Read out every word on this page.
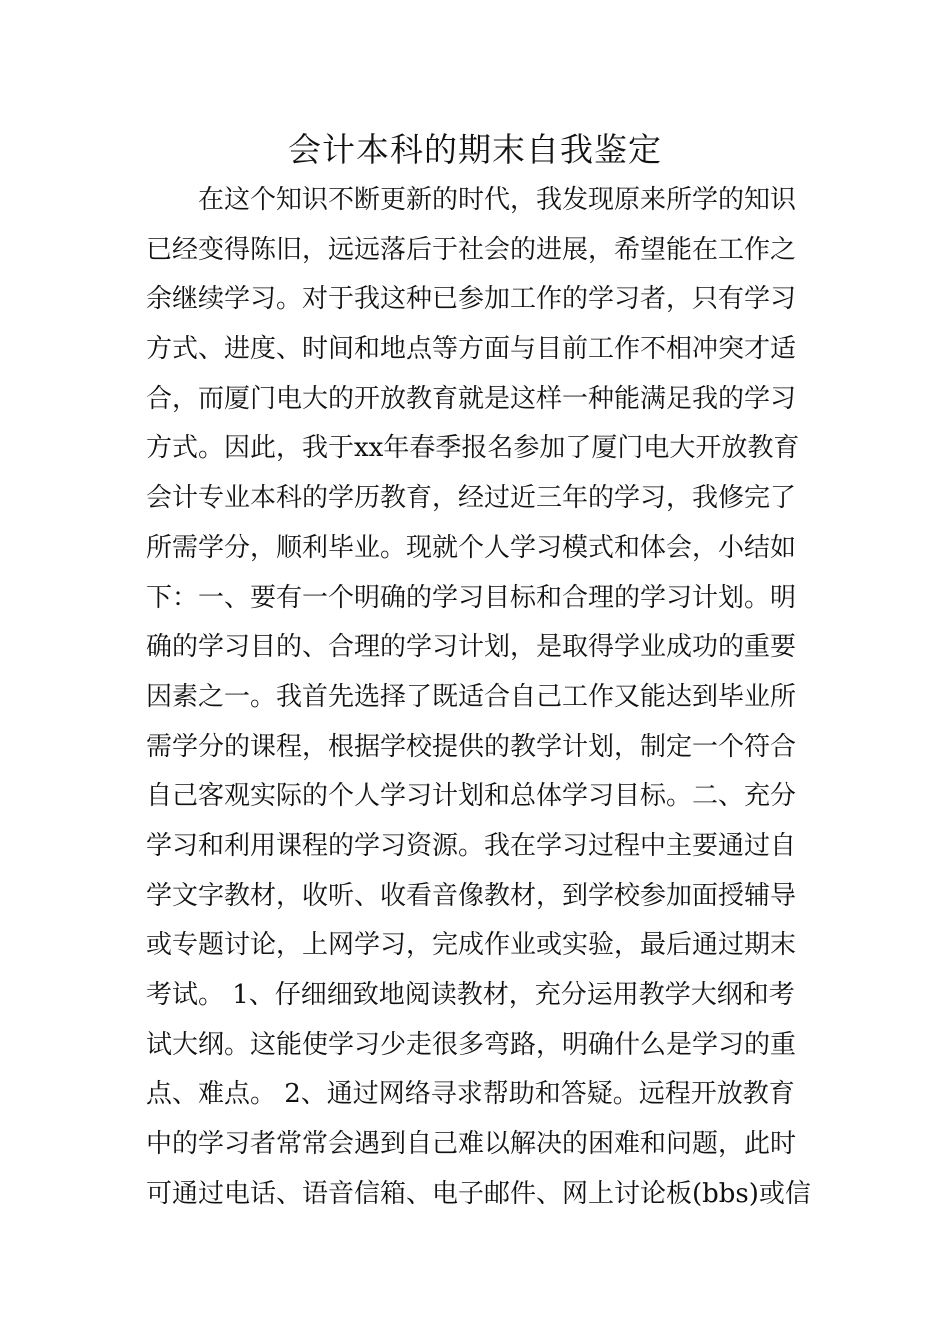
会计本科的期末自我鉴定
在这个知识不断更新的时代，我发现原来所学的知识
已经变得陈旧，远远落后于社会的进展，希望能在工作之
余继续学习。对于我这种已参加工作的学习者，只有学习
方式、进度、时间和地点等方面与目前工作不相冲突才适
合，而厦门电大的开放教育就是这样一种能满足我的学习
方式。因此，我于xx年春季报名参加了厦门电大开放教育
会计专业本科的学历教育，经过近三年的学习，我修完了
所需学分，顺利毕业。现就个人学习模式和体会，小结如
下：一、要有一个明确的学习目标和合理的学习计划。明
确的学习目的、合理的学习计划，是取得学业成功的重要
因素之一。我首先选择了既适合自己工作又能达到毕业所
需学分的课程，根据学校提供的教学计划，制定一个符合
自己客观实际的个人学习计划和总体学习目标。二、充分
学习和利用课程的学习资源。我在学习过程中主要通过自
学文字教材，收听、收看音像教材，到学校参加面授辅导
或专题讨论，上网学习，完成作业或实验，最后通过期末
考试。 1、仔细细致地阅读教材，充分运用教学大纲和考
试大纲。这能使学习少走很多弯路，明确什么是学习的重
点、难点。 2、通过网络寻求帮助和答疑。远程开放教育
中的学习者常常会遇到自己难以解决的困难和问题，此时
可通过电话、语音信箱、电子邮件、网上讨论板(bbs)或信
